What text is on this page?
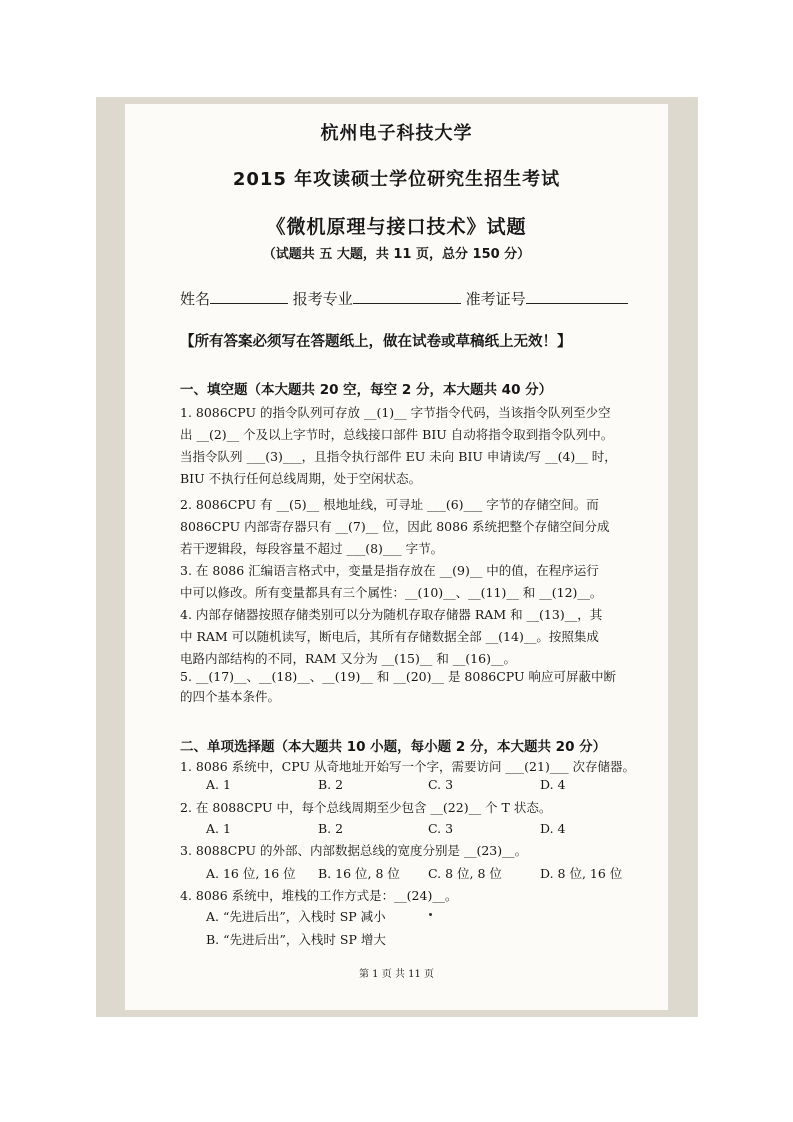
杭州电子科技大学
2015 年攻读硕士学位研究生招生考试
《微机原理与接口技术》试题
（试题共 五 大题，共 11 页，总分 150 分）
姓名	报考专业	准考证号
【所有答案必须写在答题纸上，做在试卷或草稿纸上无效！】
一、填空题（本大题共 20 空，每空 2 分，本大题共 40 分）
1. 8086CPU 的指令队列可存放 __(1)__ 字节指令代码，当该指令队列至少空
出 __(2)__ 个及以上字节时，总线接口部件 BIU 自动将指令取到指令队列中。
当指令队列 ___(3)___，且指令执行部件 EU 未向 BIU 申请读/写 __(4)__ 时，
BIU 不执行任何总线周期，处于空闲状态。
2. 8086CPU 有 __(5)__ 根地址线，可寻址 ___(6)___ 字节的存储空间。而
8086CPU 内部寄存器只有 __(7)__ 位，因此 8086 系统把整个存储空间分成
若干逻辑段，每段容量不超过 ___(8)___ 字节。
3. 在 8086 汇编语言格式中，变量是指存放在 __(9)__ 中的值，在程序运行
中可以修改。所有变量都具有三个属性：__(10)__、__(11)__ 和 __(12)__。
4. 内部存储器按照存储类别可以分为随机存取存储器 RAM 和 __(13)__，其
中 RAM 可以随机读写，断电后，其所有存储数据全部 __(14)__。按照集成
电路内部结构的不同，RAM 又分为 __(15)__ 和 __(16)__。
5. __(17)__、__(18)__、__(19)__ 和 __(20)__ 是 8086CPU 响应可屏蔽中断
的四个基本条件。
二、单项选择题（本大题共 10 小题，每小题 2 分，本大题共 20 分）
1. 8086 系统中，CPU 从奇地址开始写一个字，需要访问 ___(21)___ 次存储器。
A. 1	B. 2	C. 3	D. 4
2. 在 8088CPU 中，每个总线周期至少包含 __(22)__ 个 T 状态。
A. 1	B. 2	C. 3	D. 4
3. 8088CPU 的外部、内部数据总线的宽度分别是 __(23)__。
A. 16 位, 16 位 B. 16 位, 8 位 C. 8 位, 8 位	D. 8 位, 16 位
4. 8086 系统中，堆栈的工作方式是：__(24)__。
A. “先进后出”，入栈时 SP 减小
B. “先进后出”，入栈时 SP 增大
第 1 页 共 11 页
